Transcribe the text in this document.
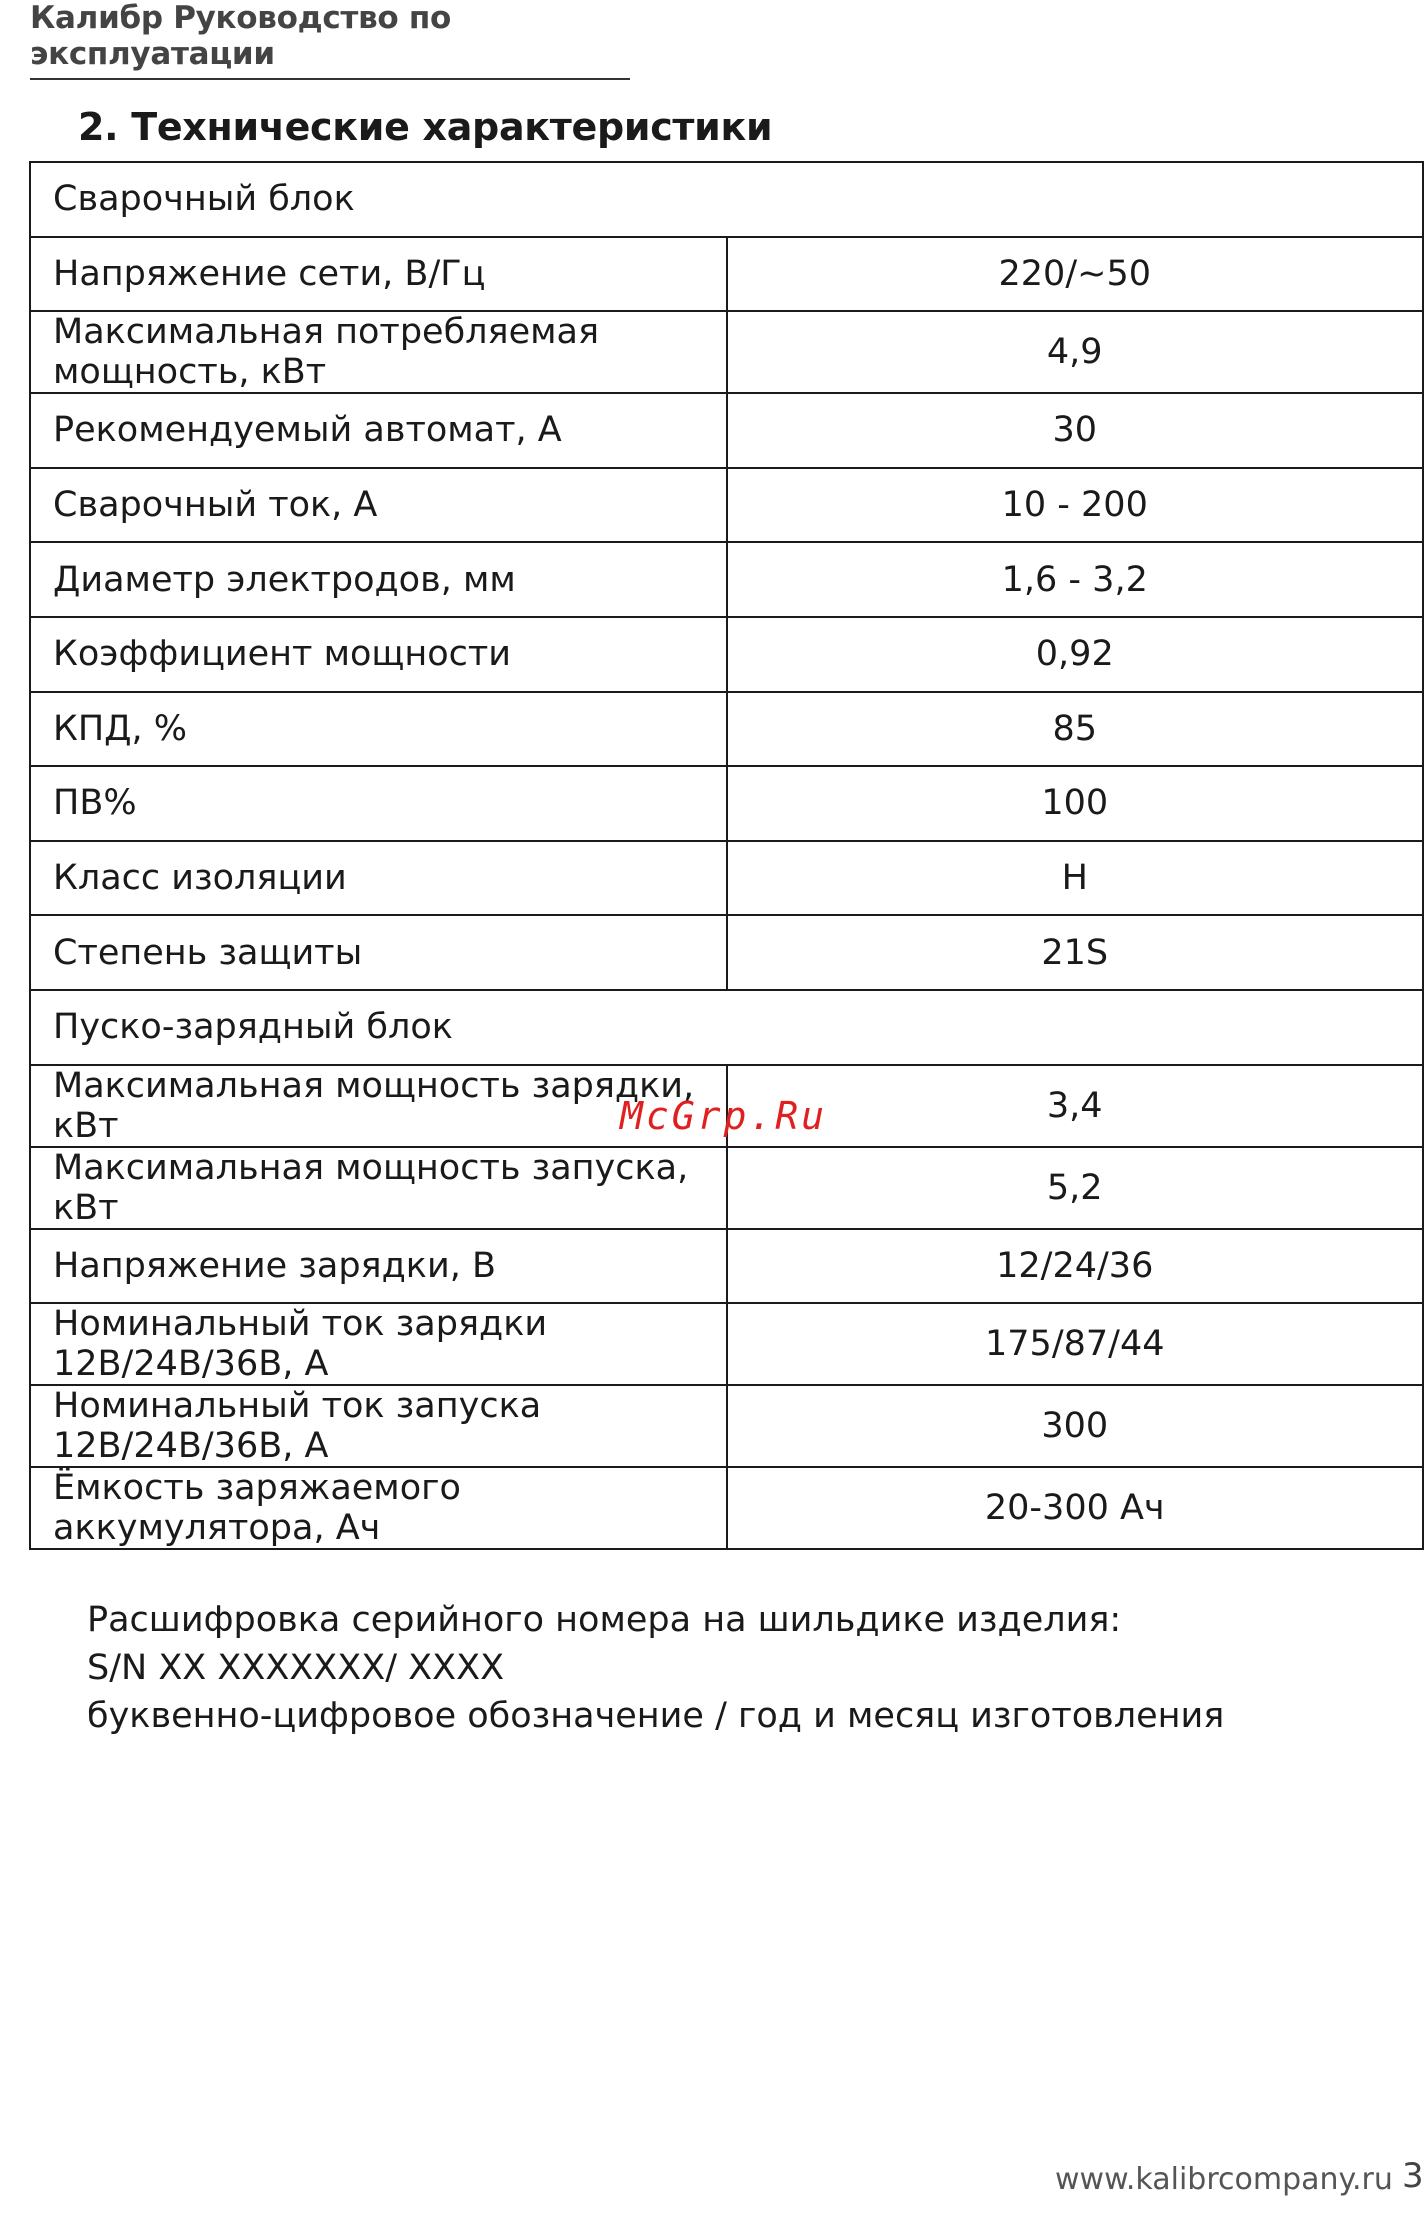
Калибр Руководство по эксплуатации
2. Технические характеристики
Сварочный блок	
Напряжение сети, В/Гц	220/~50
Максимальная потребляемая мощность, кВт	4,9
Рекомендуемый автомат, А	30
Сварочный ток, А	10 - 200
Диаметр электродов, мм	1,6 - 3,2
Коэффициент мощности	0,92
КПД, %	85
ПВ%	100
Класс изоляции	H
Степень защиты	21S
Пуско-зарядный блок	
Максимальная мощность зарядки, кВт	3,4
Максимальная мощность запуска, кВт	5,2
Напряжение зарядки, В	12/24/36
Номинальный ток зарядки 12В/24В/36В, А	175/87/44
Номинальный ток запуска 12В/24В/36В, А	300
Ёмкость заряжаемого аккумулятора, Ач	20-300 Ач
McGrp.Ru
Расшифровка серийного номера на шильдике изделия:
S/N XX XXXXXXX/ XXXX
буквенно-цифровое обозначение / год и месяц изготовления
www.kalibrcompany.ru 3
